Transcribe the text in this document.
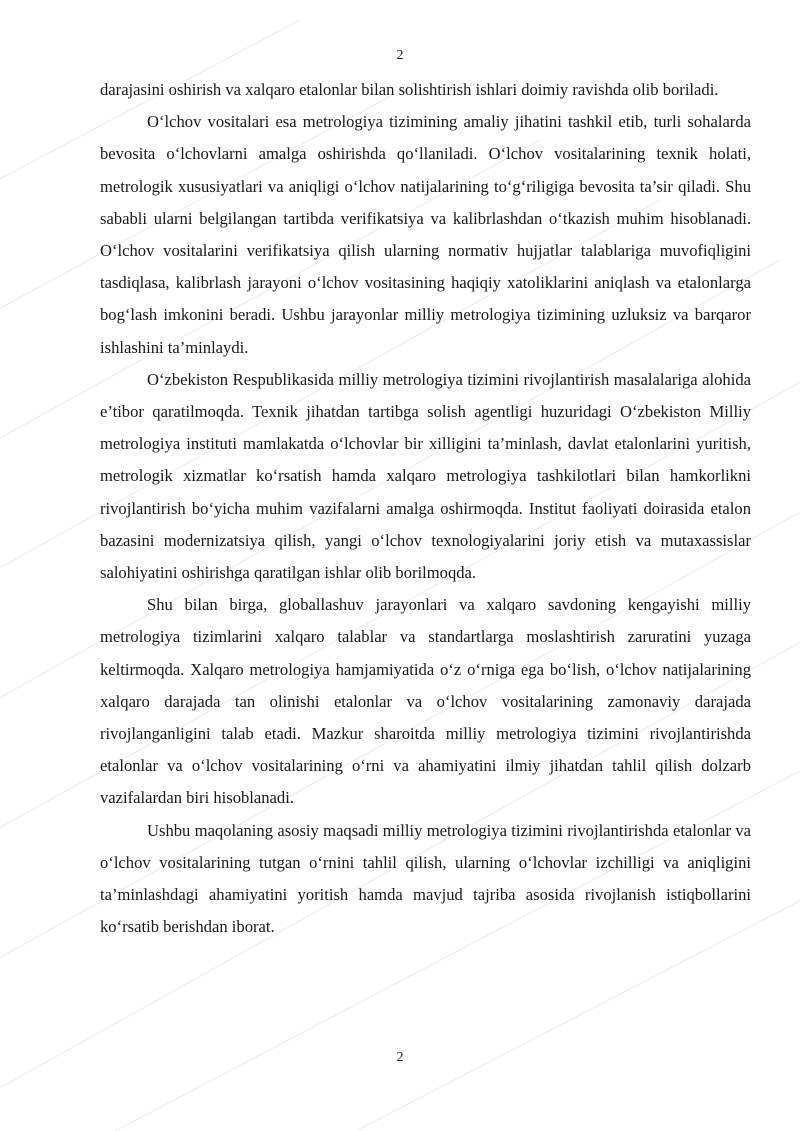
2

darajasini oshirish va xalqaro etalonlar bilan solishtirish ishlari doimiy ravishda olib boriladi.

O‘lchov vositalari esa metrologiya tizimining amaliy jihatini tashkil etib, turli sohalarda bevosita o‘lchovlarni amalga oshirishda qo‘llaniladi. O‘lchov vositalarining texnik holati, metrologik xususiyatlari va aniqligi o‘lchov natijalarining to‘g‘riligiga bevosita ta’sir qiladi. Shu sababli ularni belgilangan tartibda verifikatsiya va kalibrlashdan o‘tkazish muhim hisoblanadi. O‘lchov vositalarini verifikatsiya qilish ularning normativ hujjatlar talablariga muvofiqligini tasdiqlasa, kalibrlash jarayoni o‘lchov vositasining haqiqiy xatoliklarini aniqlash va etalonlarga bog‘lash imkonini beradi. Ushbu jarayonlar milliy metrologiya tizimining uzluksiz va barqaror ishlashini ta’minlaydi.

O‘zbekiston Respublikasida milliy metrologiya tizimini rivojlantirish masalalariga alohida e’tibor qaratilmoqda. Texnik jihatdan tartibga solish agentligi huzuridagi O‘zbekiston Milliy metrologiya instituti mamlakatda o‘lchovlar bir xilligini ta’minlash, davlat etalonlarini yuritish, metrologik xizmatlar ko‘rsatish hamda xalqaro metrologiya tashkilotlari bilan hamkorlikni rivojlantirish bo‘yicha muhim vazifalarni amalga oshirmoqda. Institut faoliyati doirasida etalon bazasini modernizatsiya qilish, yangi o‘lchov texnologiyalarini joriy etish va mutaxassislar salohiyatini oshirishga qaratilgan ishlar olib borilmoqda.

Shu bilan birga, globallashuv jarayonlari va xalqaro savdoning kengayishi milliy metrologiya tizimlarini xalqaro talablar va standartlarga moslashtirish zaruratini yuzaga keltirmoqda. Xalqaro metrologiya hamjamiyatida o‘z o‘rniga ega bo‘lish, o‘lchov natijalarining xalqaro darajada tan olinishi etalonlar va o‘lchov vositalarining zamonaviy darajada rivojlanganligini talab etadi. Mazkur sharoitda milliy metrologiya tizimini rivojlantirishda etalonlar va o‘lchov vositalarining o‘rni va ahamiyatini ilmiy jihatdan tahlil qilish dolzarb vazifalardan biri hisoblanadi.

Ushbu maqolaning asosiy maqsadi milliy metrologiya tizimini rivojlantirishda etalonlar va o‘lchov vositalarining tutgan o‘rnini tahlil qilish, ularning o‘lchovlar izchilligi va aniqligini ta’minlashdagi ahamiyatini yoritish hamda mavjud tajriba asosida rivojlanish istiqbollarini ko‘rsatib berishdan iborat.

2
